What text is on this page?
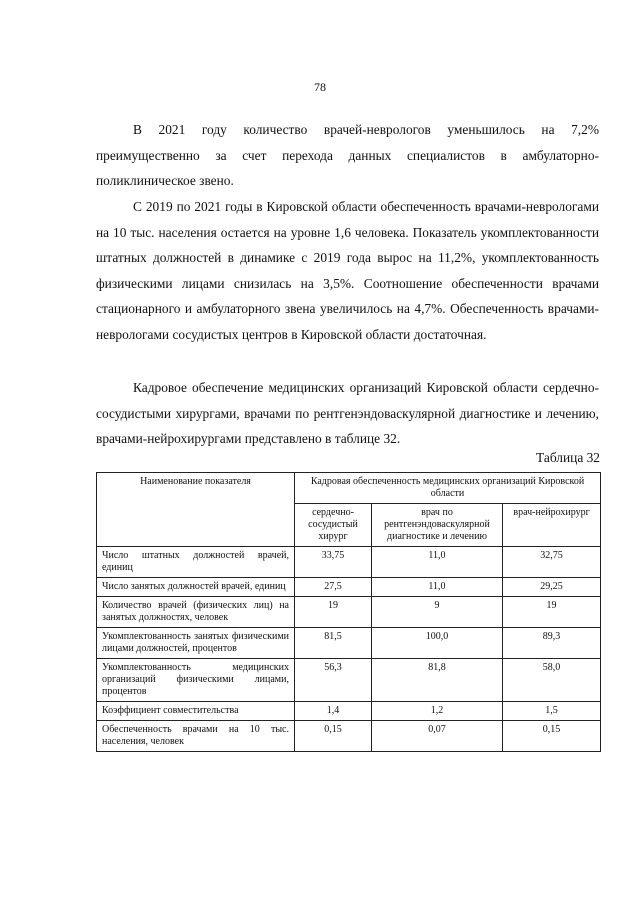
78

В 2021 году количество врачей-неврологов уменьшилось на 7,2% преимущественно за счет перехода данных специалистов в амбулаторно-поликлиническое звено.

С 2019 по 2021 годы в Кировской области обеспеченность врачами-неврологами на 10 тыс. населения остается на уровне 1,6 человека. Показатель укомплектованности штатных должностей в динамике с 2019 года вырос на 11,2%, укомплектованность физическими лицами снизилась на 3,5%. Соотношение обеспеченности врачами стационарного и амбулаторного звена увеличилось на 4,7%. Обеспеченность врачами-неврологами сосудистых центров в Кировской области достаточная.

Кадровое обеспечение медицинских организаций Кировской области сердечно-сосудистыми хирургами, врачами по рентгенэндоваскулярной диагностике и лечению, врачами-нейрохирургами представлено в таблице 32.

Таблица 32
Наименование показателя	Кадровая обеспеченность медицинских организаций Кировской области		
	сердечно-сосудистый хирург	врач по рентгенэндоваскулярной диагностике и лечению	врач-нейрохирург
Число штатных должностей врачей, единиц	33,75	11,0	32,75
Число занятых должностей врачей, единиц	27,5	11,0	29,25
Количество врачей (физических лиц) на занятых должностях, человек	19	9	19
Укомплектованность занятых физическими лицами должностей, процентов	81,5	100,0	89,3
Укомплектованность медицинских организаций физическими лицами, процентов	56,3	81,8	58,0
Коэффициент совместительства	1,4	1,2	1,5
Обеспеченность врачами на 10 тыс. населения, человек	0,15	0,07	0,15
